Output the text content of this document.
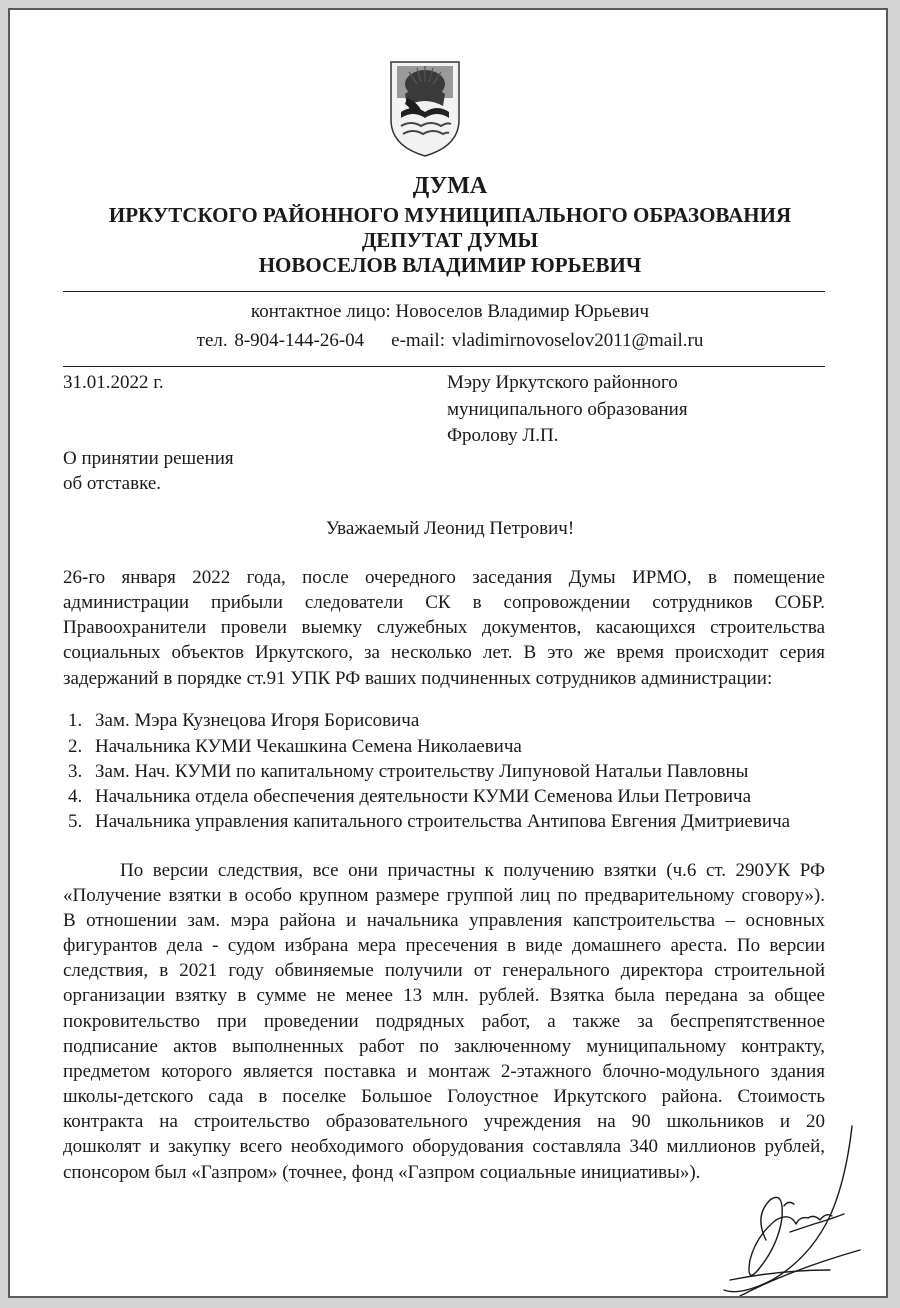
ДУМА
ИРКУТСКОГО РАЙОННОГО МУНИЦИПАЛЬНОГО ОБРАЗОВАНИЯ
ДЕПУТАТ ДУМЫ
НОВОСЕЛОВ ВЛАДИМИР ЮРЬЕВИЧ
контактное лицо: Новоселов Владимир Юрьевич
тел. 8-904-144-26-04    e-mail: vladimirnovoselov2011@mail.ru
31.01.2022 г.	Мэру Иркутского районного
муниципального образования
Фролову Л.П.
О принятии решения
об отставке.
Уважаемый Леонид Петрович!
26-го января 2022 года, после очередного заседания Думы ИРМО, в помещение
администрации прибыли следователи СК в сопровождении сотрудников СОБР.
Правоохранители провели выемку служебных документов, касающихся строительства
социальных объектов Иркутского, за несколько лет. В это же время происходит серия
задержаний в порядке ст.91 УПК РФ ваших подчиненных сотрудников администрации:
1. Зам. Мэра Кузнецова Игоря Борисовича
2. Начальника КУМИ Чекашкина Семена Николаевича
3. Зам. Нач. КУМИ по капитальному строительству Липуновой Натальи Павловны
4. Начальника отдела обеспечения деятельности КУМИ Семенова Ильи Петровича
5. Начальника управления капитального строительства Антипова Евгения Дмитриевича
По версии следствия, все они причастны к получению взятки (ч.6 ст. 290УК РФ
«Получение взятки в особо крупном размере группой лиц по предварительному сговору»).
В отношении зам. мэра района и начальника управления капстроительства – основных
фигурантов дела - судом избрана мера пресечения в виде домашнего ареста. По версии
следствия, в 2021 году обвиняемые получили от генерального директора строительной
организации взятку в сумме не менее 13 млн. рублей. Взятка была передана за общее
покровительство при проведении подрядных работ, а также за беспрепятственное
подписание актов выполненных работ по заключенному муниципальному контракту,
предметом которого является поставка и монтаж 2-этажного блочно-модульного здания
школы-детского сада в поселке Большое Голоустное Иркутского района. Стоимость
контракта на строительство образовательного учреждения на 90 школьников и 20
дошколят и закупку всего необходимого оборудования составляла 340 миллионов рублей,
спонсором был «Газпром» (точнее, фонд «Газпром социальные инициативы»).
